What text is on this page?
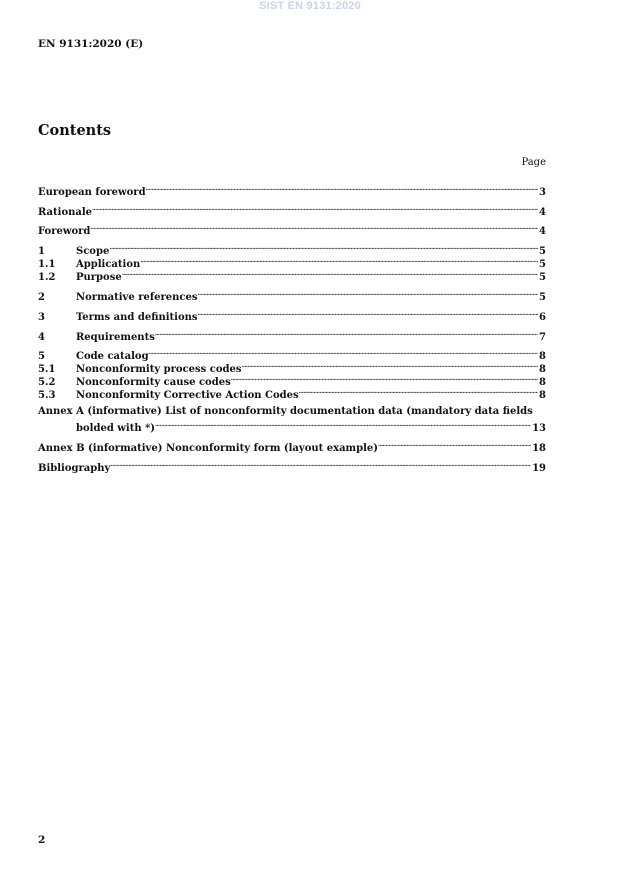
SIST EN 9131:2020
EN 9131:2020 (E)
Contents
Page
European foreword .....	3
Rationale .....	4
Foreword .....	4
1	Scope .....	5
1.1	Application .....	5
1.2	Purpose .....	5
2	Normative references .....	5
3	Terms and definitions .....	6
4	Requirements .....	7
5	Code catalog .....	8
5.1	Nonconformity process codes .....	8
5.2	Nonconformity cause codes .....	8
5.3	Nonconformity Corrective Action Codes .....	8
Annex A (informative) List of nonconformity documentation data (mandatory data fields
bolded with *) .....	13
Annex B (informative) Nonconformity form (layout example) .....	18
Bibliography .....	19
2
